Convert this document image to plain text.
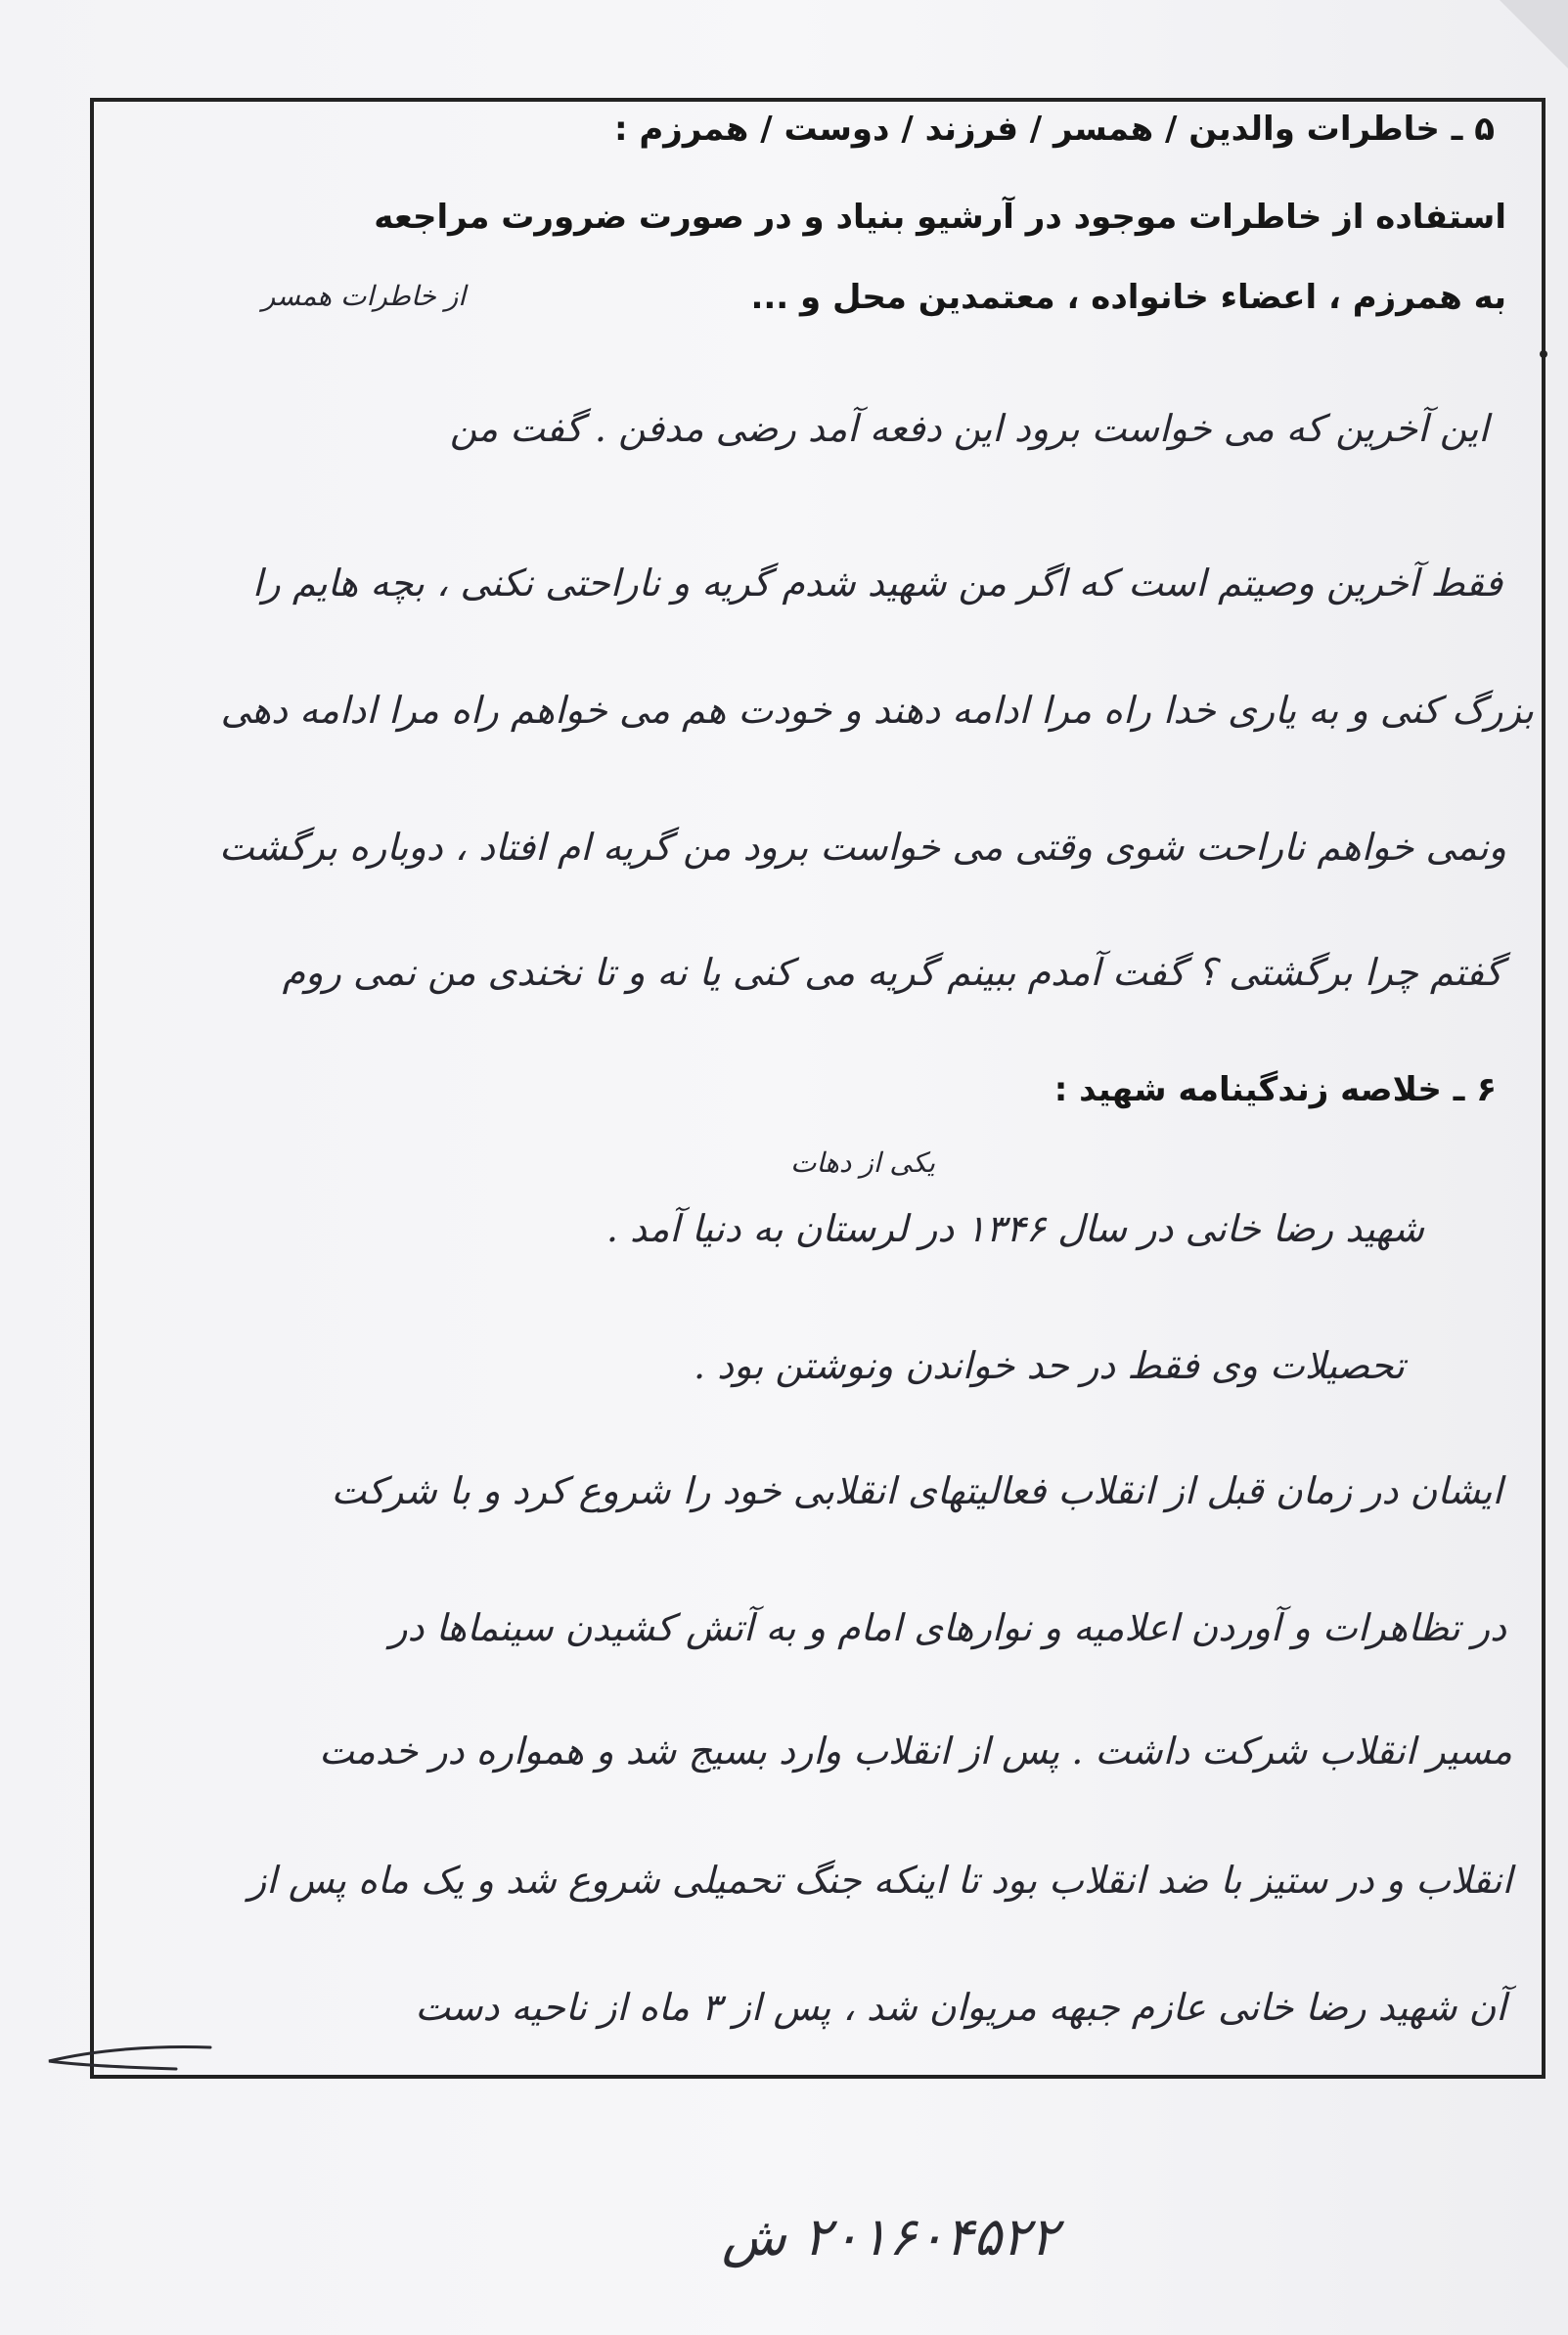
۵ ـ خاطرات والدین / همسر / فرزند / دوست / همرزم :
استفاده از خاطرات موجود در آرشیو بنیاد و در صورت ضرورت مراجعه
به همرزم ، اعضاء خانواده ، معتمدین محل و ...
از خاطرات همسر
این آخرین که می خواست برود این دفعه آمد رضی مدفن . گفت من
فقط آخرین وصیتم است که اگر من شهید شدم گریه و ناراحتی نکنی ، بچه هایم را
بزرگ کنی و به یاری خدا راه مرا ادامه دهند و خودت هم می خواهم راه مرا ادامه دهی
ونمی خواهم ناراحت شوی وقتی می خواست برود من گریه ام افتاد ، دوباره برگشت
گفتم چرا برگشتی ؟ گفت آمدم ببینم گریه می کنی یا نه و تا نخندی من نمی روم
۶ ـ خلاصه زندگینامه شهید :
یکی از دهات
شهید رضا خانی در سال ۱۳۴۶ در لرستان به دنیا آمد .
تحصیلات وی فقط در حد خواندن ونوشتن بود .
ایشان در زمان قبل از انقلاب فعالیتهای انقلابی خود را شروع کرد و با شرکت
در تظاهرات و آوردن اعلامیه و نوارهای امام و به آتش کشیدن سینماها در
مسیر انقلاب شرکت داشت . پس از انقلاب وارد بسیج شد و همواره در خدمت
انقلاب و در ستیز با ضد انقلاب بود تا اینکه جنگ تحمیلی شروع شد و یک ماه پس از
آن شهید رضا خانی عازم جبهه مریوان شد ، پس از ۳ ماه از ناحیه دست
۲۰۱۶۰۴۵۲۲ ش
